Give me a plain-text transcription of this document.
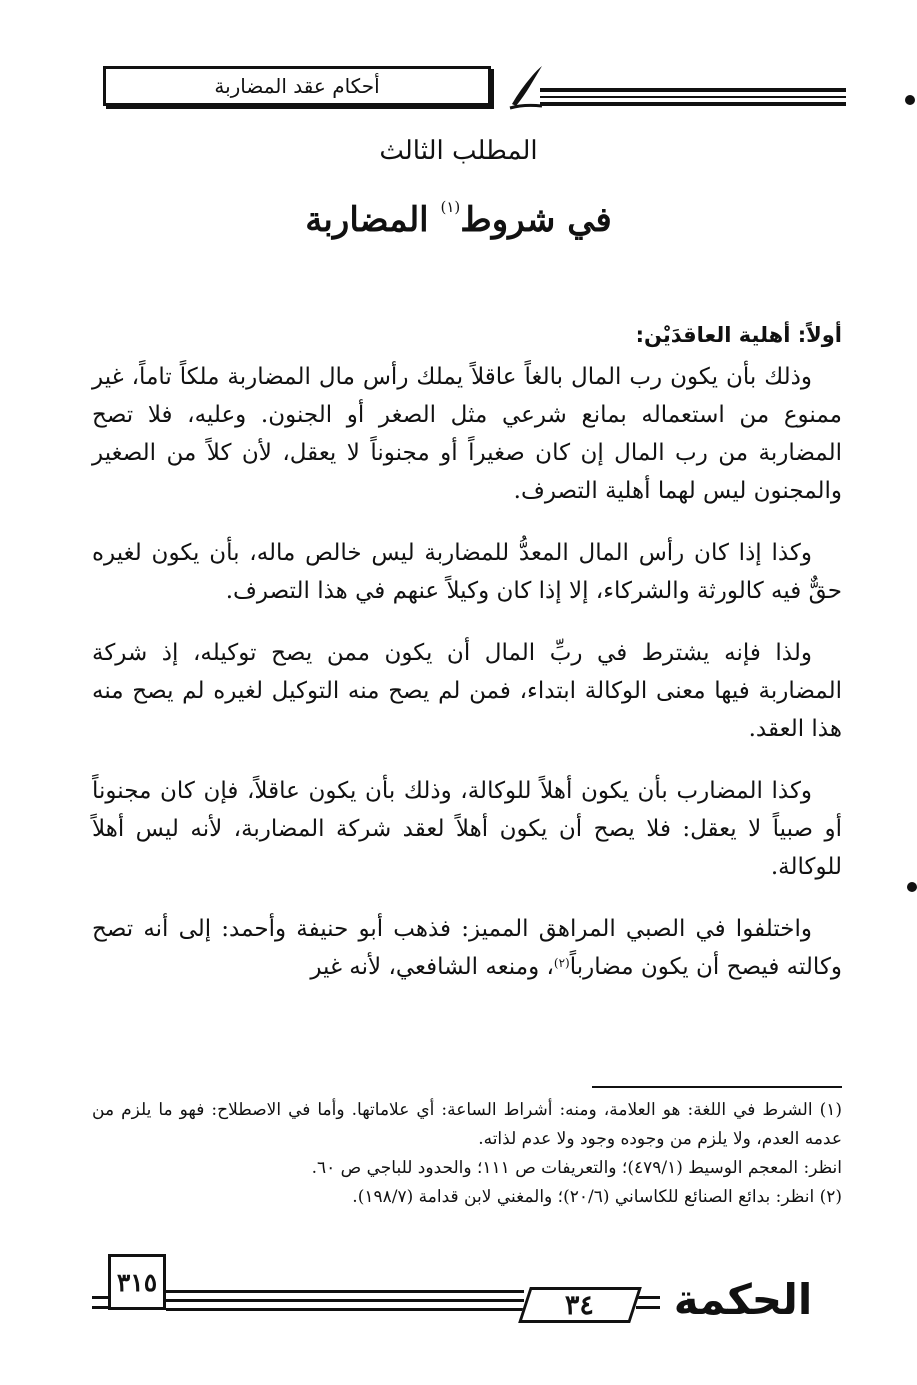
أحكام عقد المضاربة
المطلب الثالث
في شروط$^{(١)}$ المضاربة

أولاً: أهلية العاقدَيْن:

وذلك بأن يكون رب المال بالغاً عاقلاً يملك رأس مال المضاربة ملكاً تاماً، غير ممنوع من استعماله بمانع شرعي مثل الصغر أو الجنون. وعليه، فلا تصح المضاربة من رب المال إن كان صغيراً أو مجنوناً لا يعقل، لأن كلاً من الصغير والمجنون ليس لهما أهلية التصرف.

وكذا إذا كان رأس المال المعدُّ للمضاربة ليس خالص ماله، بأن يكون لغيره حقٌّ فيه كالورثة والشركاء، إلا إذا كان وكيلاً عنهم في هذا التصرف.

ولذا فإنه يشترط في ربِّ المال أن يكون ممن يصح توكيله، إذ شركة المضاربة فيها معنى الوكالة ابتداء، فمن لم يصح منه التوكيل لغيره لم يصح منه هذا العقد.

وكذا المضارب بأن يكون أهلاً للوكالة، وذلك بأن يكون عاقلاً، فإن كان مجنوناً أو صبياً لا يعقل: فلا يصح أن يكون أهلاً لعقد شركة المضاربة، لأنه ليس أهلاً للوكالة.

واختلفوا في الصبي المراهق المميز: فذهب أبو حنيفة وأحمد: إلى أنه تصح وكالته فيصح أن يكون مضارباً$^{(٢)}$، ومنعه الشافعي، لأنه غير

(١) الشرط في اللغة: هو العلامة، ومنه: أشراط الساعة: أي علاماتها. وأما في الاصطلاح: فهو ما يلزم من عدمه العدم، ولا يلزم من وجوده وجود ولا عدم لذاته.

انظر: المعجم الوسيط (٤٧٩/١)؛ والتعريفات ص ١١١؛ والحدود للباجي ص ٦٠.

(٢) انظر: بدائع الصنائع للكاساني (٢٠/٦)؛ والمغني لابن قدامة (١٩٨/٧).

٣١٥
٣٤	الحكمة
